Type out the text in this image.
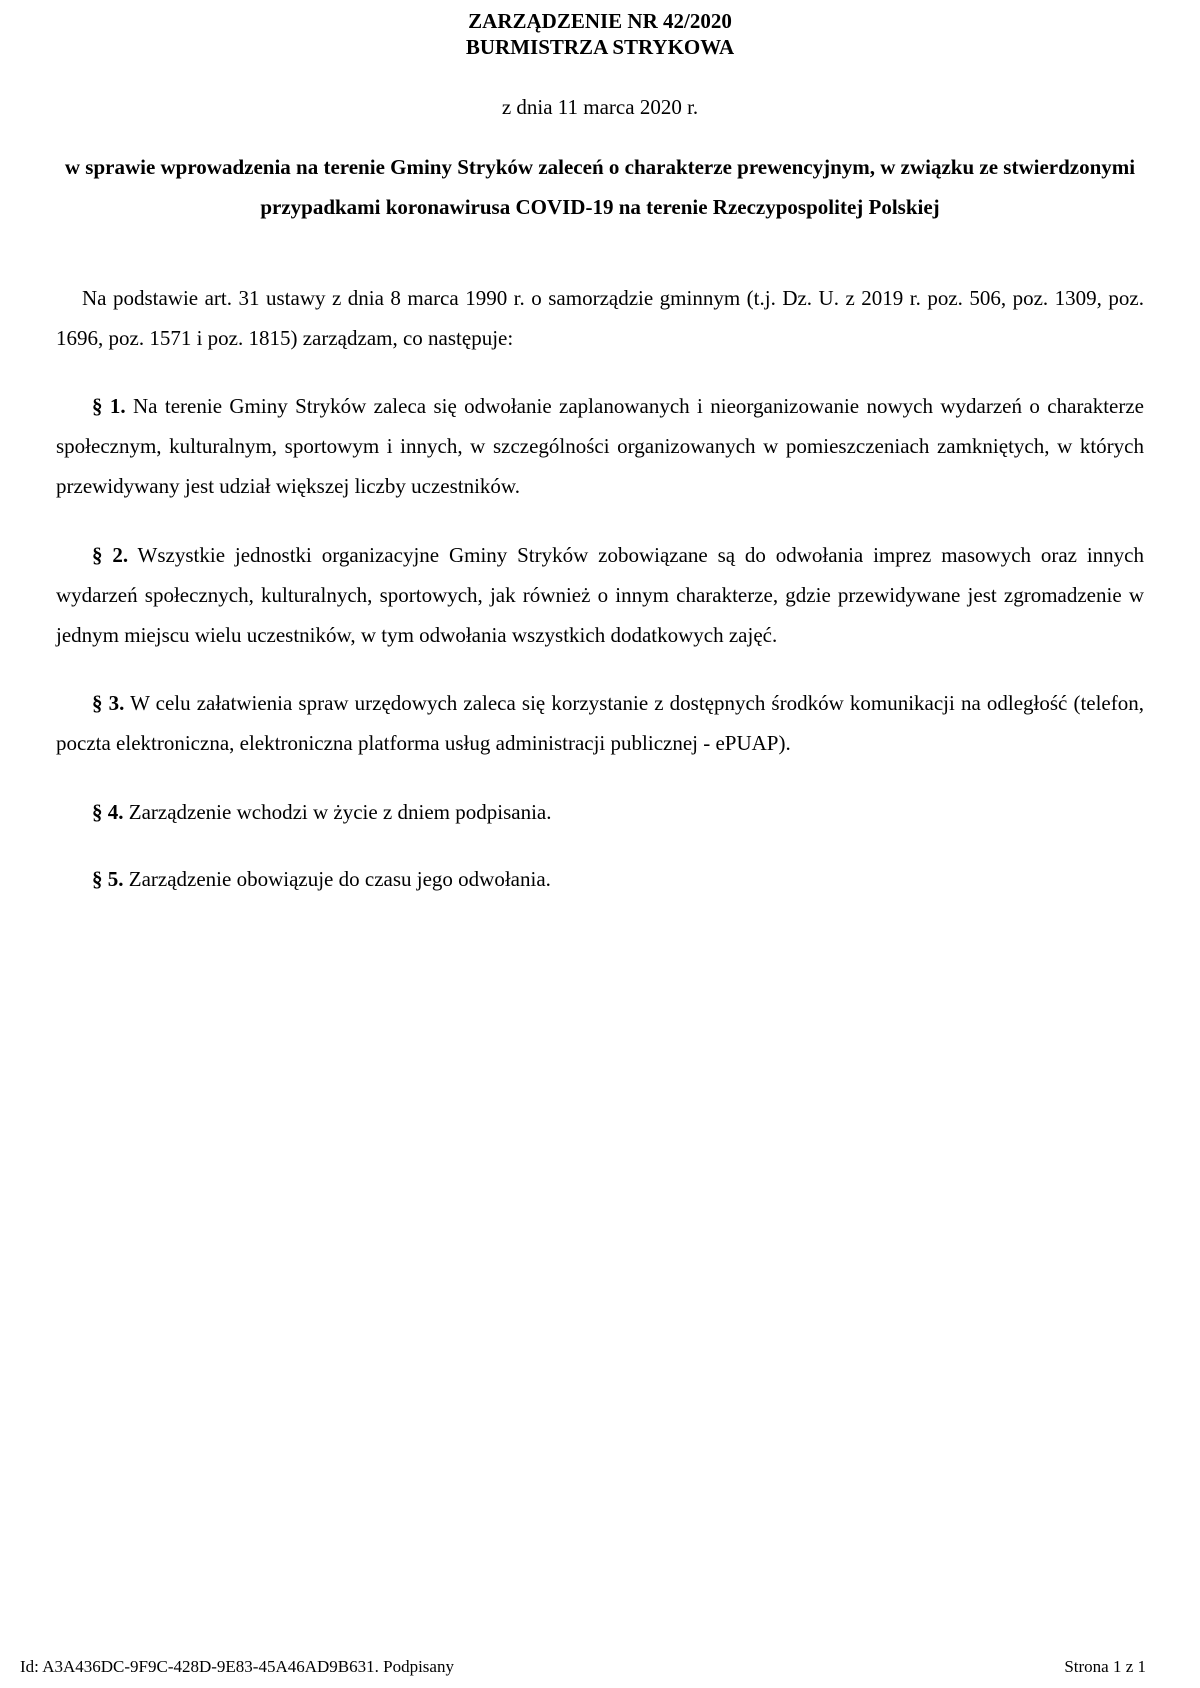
ZARZĄDZENIE NR 42/2020
BURMISTRZA STRYKOWA
z dnia 11 marca 2020 r.
w sprawie wprowadzenia na terenie Gminy Stryków zaleceń o charakterze prewencyjnym, w związku ze stwierdzonymi przypadkami koronawirusa COVID-19 na terenie Rzeczypospolitej Polskiej
Na podstawie art. 31 ustawy z dnia 8 marca 1990 r. o samorządzie gminnym (t.j. Dz. U. z 2019 r. poz. 506, poz. 1309, poz. 1696, poz. 1571 i poz. 1815) zarządzam, co następuje:
§ 1. Na terenie Gminy Stryków zaleca się odwołanie zaplanowanych i nieorganizowanie nowych wydarzeń o charakterze społecznym, kulturalnym, sportowym i innych, w szczególności organizowanych w pomieszczeniach zamkniętych, w których przewidywany jest udział większej liczby uczestników.
§ 2. Wszystkie jednostki organizacyjne Gminy Stryków zobowiązane są do odwołania imprez masowych oraz innych wydarzeń społecznych, kulturalnych, sportowych, jak również o innym charakterze, gdzie przewidywane jest zgromadzenie w jednym miejscu wielu uczestników, w tym odwołania wszystkich dodatkowych zajęć.
§ 3. W celu załatwienia spraw urzędowych zaleca się korzystanie z dostępnych środków komunikacji na odległość (telefon, poczta elektroniczna, elektroniczna platforma usług administracji publicznej - ePUAP).
§ 4. Zarządzenie wchodzi w życie z dniem podpisania.
§ 5. Zarządzenie obowiązuje do czasu jego odwołania.
Id: A3A436DC-9F9C-428D-9E83-45A46AD9B631. Podpisany	Strona 1 z 1
